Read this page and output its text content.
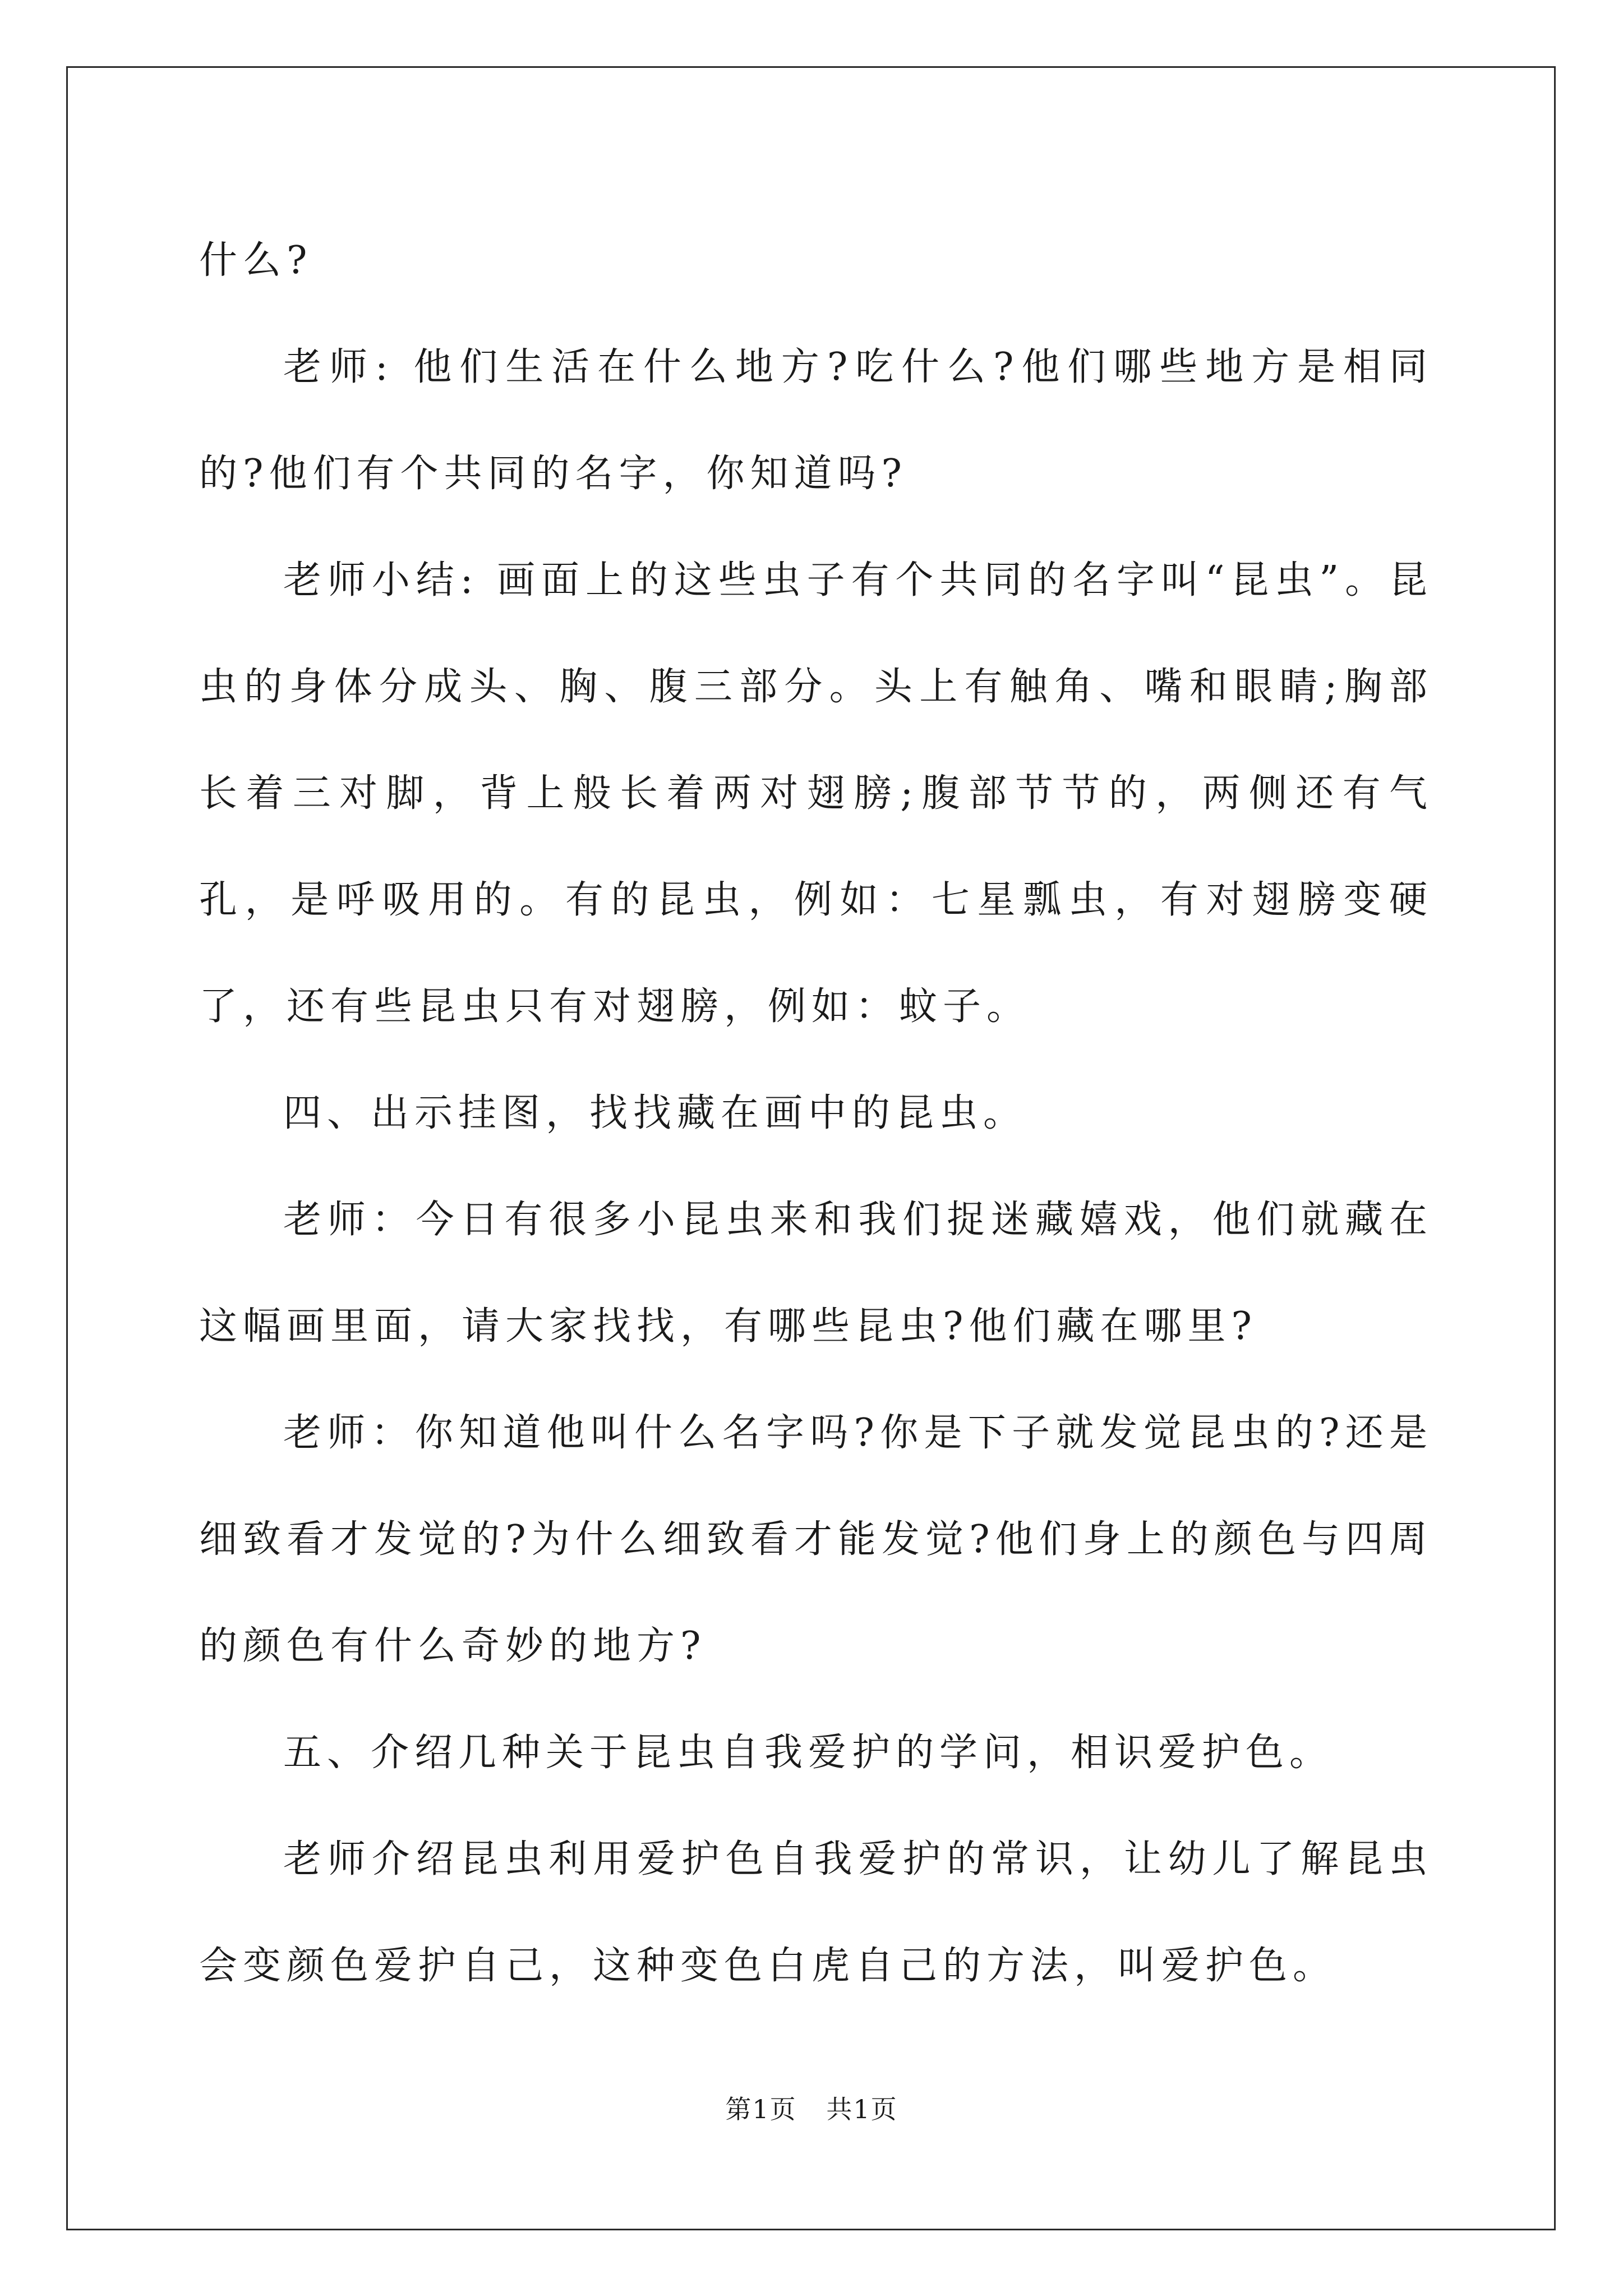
什么?

老师: 他们生活在什么地方?吃什么?他们哪些地方是相同的?他们有个共同的名字，你知道吗?

老师小结: 画面上的这些虫子有个共同的名字叫“昆虫”。昆虫的身体分成头、胸、腹三部分。头上有触角、嘴和眼睛;胸部长着三对脚，背上般长着两对翅膀;腹部节节的，两侧还有气孔，是呼吸用的。有的昆虫，例如：七星瓢虫，有对翅膀变硬了，还有些昆虫只有对翅膀，例如：蚊子。

四、出示挂图，找找藏在画中的昆虫。

老师：今日有很多小昆虫来和我们捉迷藏嬉戏，他们就藏在这幅画里面，请大家找找，有哪些昆虫?他们藏在哪里?

老师：你知道他叫什么名字吗?你是下子就发觉昆虫的?还是细致看才发觉的?为什么细致看才能发觉?他们身上的颜色与四周的颜色有什么奇妙的地方?

五、介绍几种关于昆虫自我爱护的学问，相识爱护色。

老师介绍昆虫利用爱护色自我爱护的常识，让幼儿了解昆虫会变颜色爱护自己，这种变色白虎自己的方法，叫爱护色。

第1页 共1页
